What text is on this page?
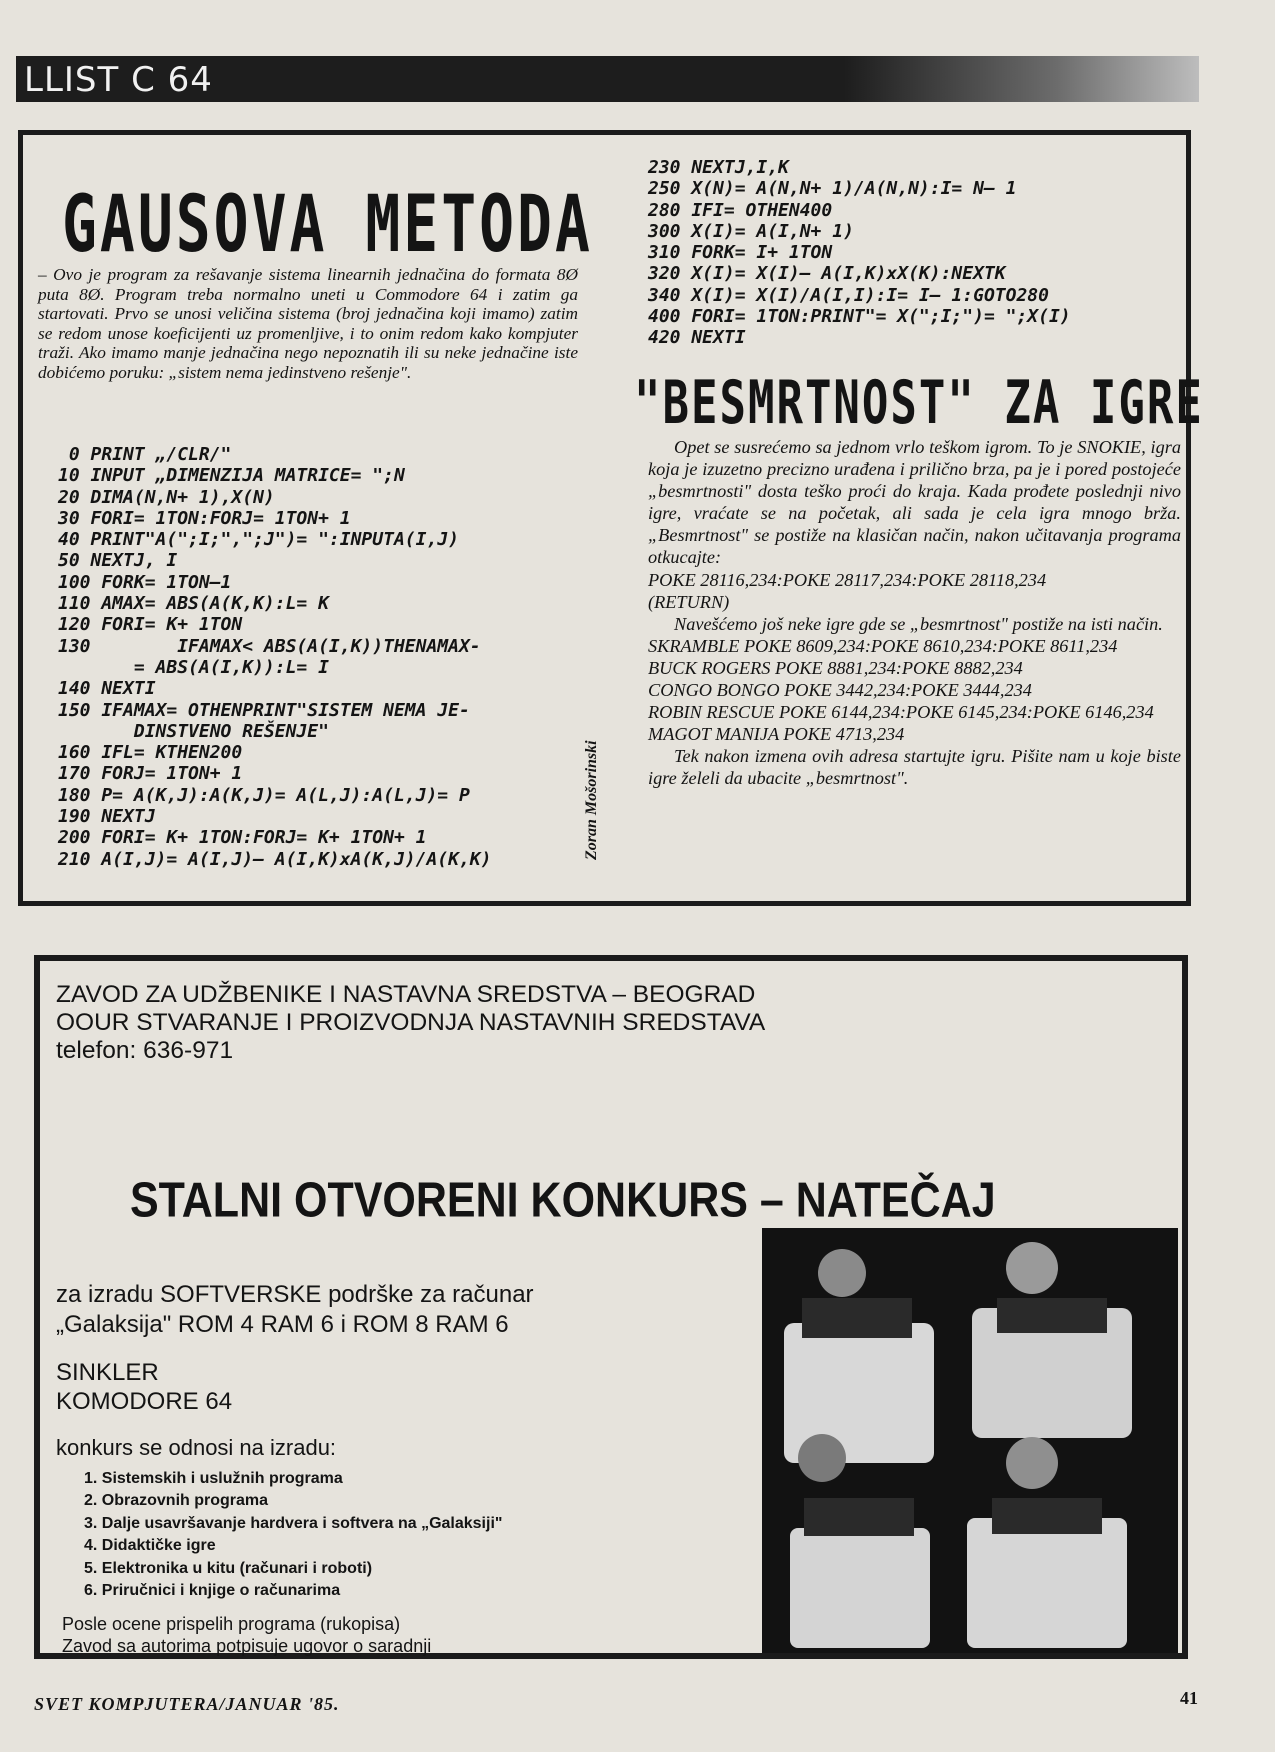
LLIST C 64
GAUSOVA METODA
– Ovo je program za rešavanje sistema linearnih jednačina do formata 8Ø puta 8Ø. Program treba normalno uneti u Commodore 64 i zatim ga startovati. Prvo se unosi veličina sistema (broj jednačina koji imamo) zatim se redom unose koeficijenti uz promenljive, i to onim redom kako kompjuter traži. Ako imamo manje jednačina nego nepoznatih ili su neke jednačine iste dobićemo poruku: „sistem nema jedinstveno rešenje".
0 PRINT „/CLR/"
10 INPUT „DIMENZIJA MATRICE= ";N
20 DIMA(N,N+ 1),X(N)
30 FORI= 1TON:FORJ= 1TON+ 1
40 PRINT"A(";I;",";J")= ":INPUTA(I,J)
50 NEXTJ, I
100 FORK= 1TON–1
110 AMAX= ABS(A(K,K):L= K
120 FORI= K+ 1TON
130        IFAMAX< ABS(A(I,K))THENAMAX-
= ABS(A(I,K)):L= I
140 NEXTI
150 IFAMAX= OTHENPRINT"SISTEM NEMA JE-
DINSTVENO REŠENJE"
160 IFL= KTHEN200
170 FORJ= 1TON+ 1
180 P= A(K,J):A(K,J)= A(L,J):A(L,J)= P
190 NEXTJ
200 FORI= K+ 1TON:FORJ= K+ 1TON+ 1
210 A(I,J)= A(I,J)– A(I,K)xA(K,J)/A(K,K)
230 NEXTJ,I,K
250 X(N)= A(N,N+ 1)/A(N,N):I= N– 1
280 IFI= OTHEN400
300 X(I)= A(I,N+ 1)
310 FORK= I+ 1TON
320 X(I)= X(I)– A(I,K)xX(K):NEXTK
340 X(I)= X(I)/A(I,I):I= I– 1:GOTO280
400 FORI= 1TON:PRINT"= X(";I;")= ";X(I)
420 NEXTI
Zoran Mošorinski
"BESMRTNOST" ZA IGRE

Opet se susrećemo sa jednom vrlo teškom igrom. To je SNOKIE, igra koja je izuzetno precizno urađena i prilično brza, pa je i pored postojeće „besmrtnosti" dosta teško proći do kraja. Kada prođete poslednji nivo igre, vraćate se na početak, ali sada je cela igra mnogo brža. „Besmrtnost" se postiže na klasičan način, nakon učitavanja programa otkucajte:

POKE 28116,234:POKE 28117,234:POKE 28118,234

(RETURN)

Navešćemo još neke igre gde se „besmrtnost" postiže na isti način.

SKRAMBLE POKE 8609,234:POKE 8610,234:POKE 8611,234

BUCK ROGERS POKE 8881,234:POKE 8882,234

CONGO BONGO POKE 3442,234:POKE 3444,234

ROBIN RESCUE POKE 6144,234:POKE 6145,234:POKE 6146,234

MAGOT MANIJA POKE 4713,234

Tek nakon izmena ovih adresa startujte igru. Pišite nam u koje biste igre želeli da ubacite „besmrtnost".

ZAVOD ZA UDŽBENIKE I NASTAVNA SREDSTVA – BEOGRAD
OOUR STVARANJE I PROIZVODNJA NASTAVNIH SREDSTAVA
telefon: 636-971
STALNI OTVORENI KONKURS – NATEČAJ
za izradu SOFTVERSKE podrške za računar
„Galaksija" ROM 4 RAM 6 i ROM 8 RAM 6
SINKLER
KOMODORE 64
konkurs se odnosi na izradu:
1. Sistemskih i uslužnih programa
2. Obrazovnih programa
3. Dalje usavršavanje hardvera i softvera na „Galaksiji"
4. Didaktičke igre
5. Elektronika u kitu (računari i roboti)
6. Priručnici i knjige o računarima
Posle ocene prispelih programa (rukopisa)
Zavod sa autorima potpisuje ugovor o saradnji
SVET KOMPJUTERA/JANUAR '85.	41
